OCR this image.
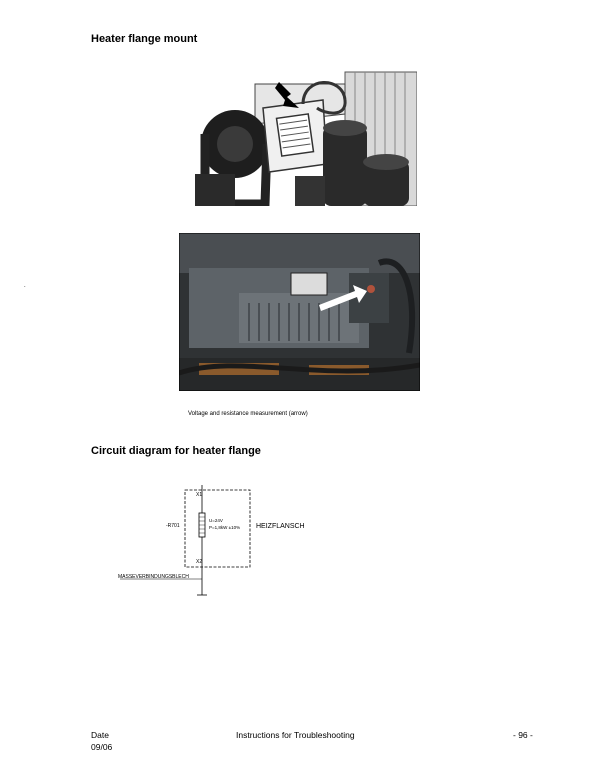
Heater flange mount
.
Voltage and resistance measurement (arrow)
Circuit diagram for heater flange
X1
X2
-R701
U=24V
P=1,8kW ±10% HEIZFLANSCH
MASSEVERBINDUNGSBLECH
Date
09/06
Instructions for Troubleshooting	- 96 -
